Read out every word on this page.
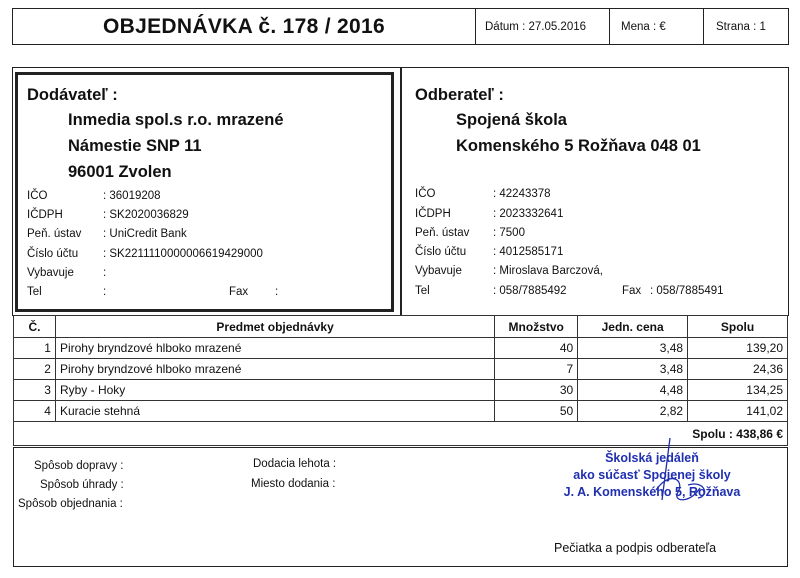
OBJEDNÁVKA č. 178 / 2016	Dátum : 27.05.2016	Mena : €	Strana : 1
Dodávateľ :
Inmedia spol.s r.o. mrazené
Námestie SNP 11
96001 Zvolen
IČO	: 36019208
IČDPH	: SK2020036829
Peň. ústav : UniCredit Bank
Číslo účtu : SK2211110000006619429000
Vybavuje	:
Tel	:	Fax :
Odberateľ :
Spojená škola
Komenského 5 Rožňava 048 01
IČO	: 42243378
IČDPH	: 2023332641
Peň. ústav : 7500
Číslo účtu : 4012585171
Vybavuje	: Miroslava Barczová,
Tel	: 058/7885492	Fax : 058/7885491
Č.	Predmet objednávky	Množstvo	Jedn. cena	Spolu
1	Pirohy bryndzové hlboko mrazené	40	3,48	139,20
2	Pirohy bryndzové hlboko mrazené	7	3,48	24,36
3	Ryby - Hoky	30	4,48	134,25
4	Kuracie stehná	50	2,82	141,02
Spolu : 438,86 €				
Spôsob dopravy :
Spôsob úhrady :
Spôsob objednania :
Dodacia lehota :
Miesto dodania :
Školská jedáleň
ako súčasť Spojenej školy
J. A. Komenského 5, Rožňava
Pečiatka a podpis odberateľa
